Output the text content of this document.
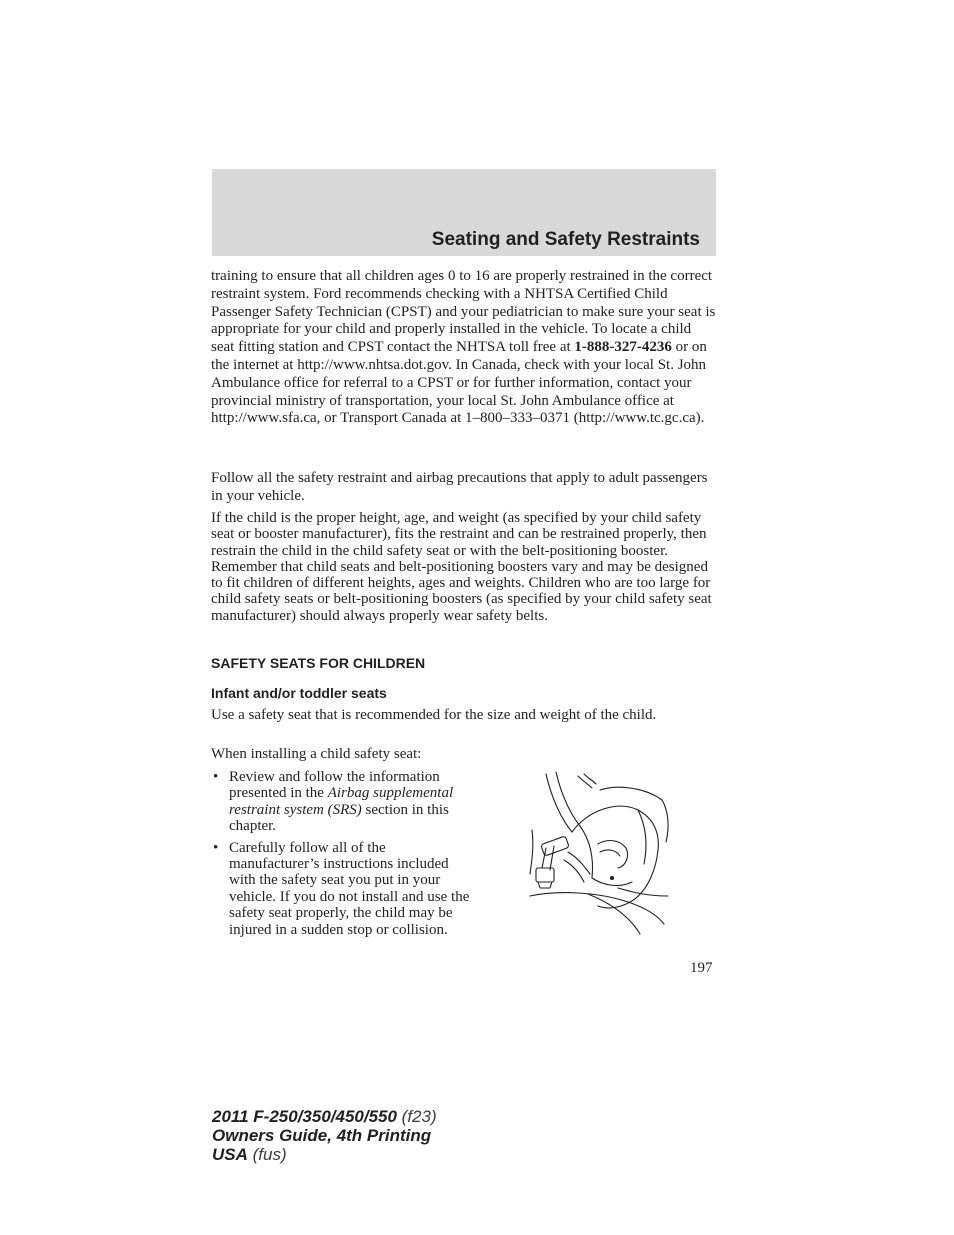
Seating and Safety Restraints

training to ensure that all children ages 0 to 16 are properly restrained in the correct restraint system. Ford recommends checking with a NHTSA Certified Child Passenger Safety Technician (CPST) and your pediatrician to make sure your seat is appropriate for your child and properly installed in the vehicle. To locate a child seat fitting station and CPST contact the NHTSA toll free at 1-888-327-4236 or on the internet at http://www.nhtsa.dot.gov. In Canada, check with your local St. John Ambulance office for referral to a CPST or for further information, contact your provincial ministry of transportation, your local St. John Ambulance office at http://www.sfa.ca, or Transport Canada at 1–800–333–0371 (http://www.tc.gc.ca).

Follow all the safety restraint and airbag precautions that apply to adult passengers in your vehicle.

If the child is the proper height, age, and weight (as specified by your child safety seat or booster manufacturer), fits the restraint and can be restrained properly, then restrain the child in the child safety seat or with the belt-positioning booster. Remember that child seats and belt-positioning boosters vary and may be designed to fit children of different heights, ages and weights. Children who are too large for child safety seats or belt-positioning boosters (as specified by your child safety seat manufacturer) should always properly wear safety belts.

SAFETY SEATS FOR CHILDREN
Infant and/or toddler seats

Use a safety seat that is recommended for the size and weight of the child.

When installing a child safety seat:

• Review and follow the information presented in the Airbag supplemental restraint system (SRS) section in this chapter.
• Carefully follow all of the manufacturer’s instructions included with the safety seat you put in your vehicle. If you do not install and use the safety seat properly, the child may be injured in a sudden stop or collision.
197
2011 F-250/350/450/550 (f23)
Owners Guide, 4th Printing
USA (fus)
